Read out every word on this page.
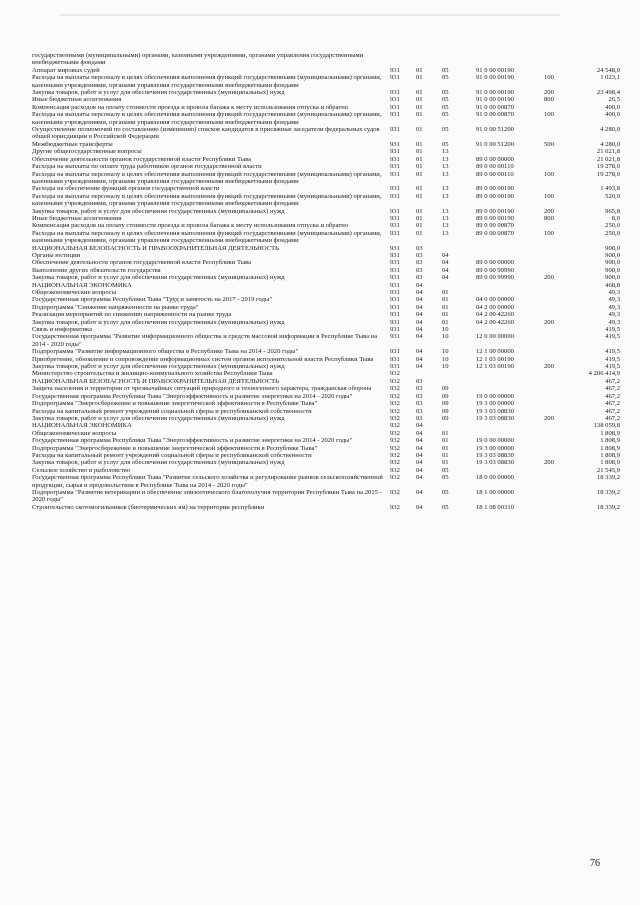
государственными (муниципальными) органами, казенными учреждениями, органами управления государственными внебюджетными фондами
Аппарат мировых судей	931	01	05	91 0 00 00190	24 548,0
Расходы на выплаты персоналу в целях обеспечения выполнения функций государственными (муниципальными) органами, казенными учреждениями, органами управления государственными внебюджетными фондами
931	01	05	91 0 00 00190	100	1 023,1
Закупка товаров, работ и услуг для обеспечения государственных (муниципальных) нужд	931	01	05	91 0 00 00190	200	23 498,4
Иные бюджетные ассигнования	931	01	05	91 0 00 00190	800	26,5
Компенсация расходов на оплату стоимости проезда и провоза багажа к месту использования отпуска и обратно	931	01	05	91 0 00 00870	400,0
Расходы на выплаты персоналу в целях обеспечения выполнения функций государственными (муниципальными) органами, казенными учреждениями, органами управления государственными внебюджетными фондами
931	01	05	91 0 00 00870	100	400,0
Осуществление полномочий по составлению (изменению) списков кандидатов в присяжные заседатели федеральных судов общей юрисдикции в Российской Федерации
931	01	05	91 0 00 51200	4 280,0
Межбюджетные трансферты	931	01	05	91 0 00 51200	500	4 280,0
Другие общегосударственные вопросы	931	01	13	21 021,8
Обеспечение деятельности органов государственной власти Республики Тыва	931	01	13	89 0 00 00000	21 021,8
Расходы на выплаты по оплате труда работников органов государственной власти	931	01	13	89 0 00 00110	19 278,0
Расходы на выплаты персоналу в целях обеспечения выполнения функций государственными (муниципальными) органами, казенными учреждениями, органами управления государственными внебюджетными фондами
931	01	13	89 0 00 00110	100	19 278,0
Расходы на обеспечение функций органов государственной власти	931	01	13	89 0 00 00190	1 493,8
Расходы на выплаты персоналу в целях обеспечения выполнения функций государственными (муниципальными) органами, казенными учреждениями, органами управления государственными внебюджетными фондами
931	01	13	89 0 00 00190	100	520,0
Закупка товаров, работ и услуг для обеспечения государственных (муниципальных) нужд	931	01	13	89 0 00 00190	200	965,8
Иные бюджетные ассигнования	931	01	13	89 0 00 00190	800	8,0
Компенсация расходов на оплату стоимости проезда и провоза багажа к месту использования отпуска и обратно	931	01	13	89 0 00 00870	250,0
Расходы на выплаты персоналу в целях обеспечения выполнения функций государственными (муниципальными) органами, казенными учреждениями, органами управления государственными внебюджетными фондами
931	01	13	89 0 00 00870	100	250,0
НАЦИОНАЛЬНАЯ БЕЗОПАСНОСТЬ И ПРАВООХРАНИТЕЛЬНАЯ ДЕЯТЕЛЬНОСТЬ	931	03	900,0
Органы юстиции	931	03	04	900,0
Обеспечение деятельности органов государственной власти Республики Тыва	931	03	04	89 0 00 00000	900,0
Выполнение других обязательств государства	931	03	04	89 0 00 99990	900,0
Закупка товаров, работ и услуг для обеспечения государственных (муниципальных) нужд	931	03	04	89 0 00 99990	200	900,0
НАЦИОНАЛЬНАЯ ЭКОНОМИКА	931	04	468,8
Общеэкономические вопросы	931	04	01	49,3
Государственная программа Республики Тыва "Труд и занятость на 2017 - 2019 годы"	931	04	01	04 0 00 00000	49,3
Подпрограмма "Снижение напряженности на рынке труда"	931	04	01	04 2 00 00000	49,3
Реализация мероприятий по снижению напряженности на рынке труда	931	04	01	04 2 00 42260	49,3
Закупка товаров, работ и услуг для обеспечения государственных (муниципальных) нужд	931	04	01	04 2 00 42260	200	49,3
Связь и информатика	931	04	10	419,5
Государственная программа "Развитие информационного общества и средств массовой информации в Республике Тыва на 2014 - 2020 годы"
931	04	10	12 0 00 00000	419,5
Подпрограмма "Развитие информационного общества в Республике Тыва на 2014 - 2020 годы"	931	04	10	12 1 00 00000	419,5
Приобретение, обновление и сопровождение информационных систем органов исполнительной власти Республики Тыва	931	04	10	12 1 03 00190	419,5
Закупка товаров, работ и услуг для обеспечения государственных (муниципальных) нужд	931	04	10	12 1 03 00190	200	419,5
Министерство строительства и жилищно-коммунального хозяйства Республики Тыва	932	4 206 414,9
НАЦИОНАЛЬНАЯ БЕЗОПАСНОСТЬ И ПРАВООХРАНИТЕЛЬНАЯ ДЕЯТЕЛЬНОСТЬ	932	03	467,2
Защита населения и территории от чрезвычайных ситуаций природного и техногенного характера, гражданская оборона	932	03	09	467,2
Государственная программа Республики Тыва "Энергоэффективность и развитие энергетики на 2014 - 2020 годы"	932	03	09	19 0 00 00000	467,2
Подпрограмма "Энергосбережение и повышение энергетической эффективности в Республике Тыва"	932	03	09	19 3 00 00000	467,2
Расходы на капитальный ремонт учреждений социальной сферы и республиканской собственности	932	03	09	19 3 03 08830	467,2
Закупка товаров, работ и услуг для обеспечения государственных (муниципальных) нужд	932	03	09	19 3 03 08830	200	467,2
НАЦИОНАЛЬНАЯ ЭКОНОМИКА	932	04	138 059,8
Общеэкономические вопросы	932	04	01	1 808,9
Государственная программа Республики Тыва "Энергоэффективность и развитие энергетики на 2014 - 2020 годы"	932	04	01	19 0 00 00000	1 808,9
Подпрограмма "Энергосбережение и повышение энергетической эффективности в Республике Тыва"	932	04	01	19 3 00 00000	1 808,9
Расходы на капитальный ремонт учреждений социальной сферы и республиканской собственности	932	04	01	19 3 03 08830	1 808,9
Закупка товаров, работ и услуг для обеспечения государственных (муниципальных) нужд	932	04	01	19 3 03 08830	200	1 808,9
Сельское хозяйство и рыболовство	932	04	05	21 545,9
Государственная программа Республики Тыва "Развитие сельского хозяйства и регулирование рынков сельскохозяйственной продукции, сырья и продовольствия в Республике Тыва на 2014 - 2020 годы"
932	04	05	18 0 00 00000	18 339,2
Подпрограмма "Развитие ветеринарии и обеспечение эпизоотического благополучия территории Республики Тыва на 2015 - 2020 годы"
932	04	05	18 1 00 00000	18 339,2
Строительство скотомогильников (биотермических ям) на территории республики	932	04	05	18 1 08 00310	18 339,2
76
